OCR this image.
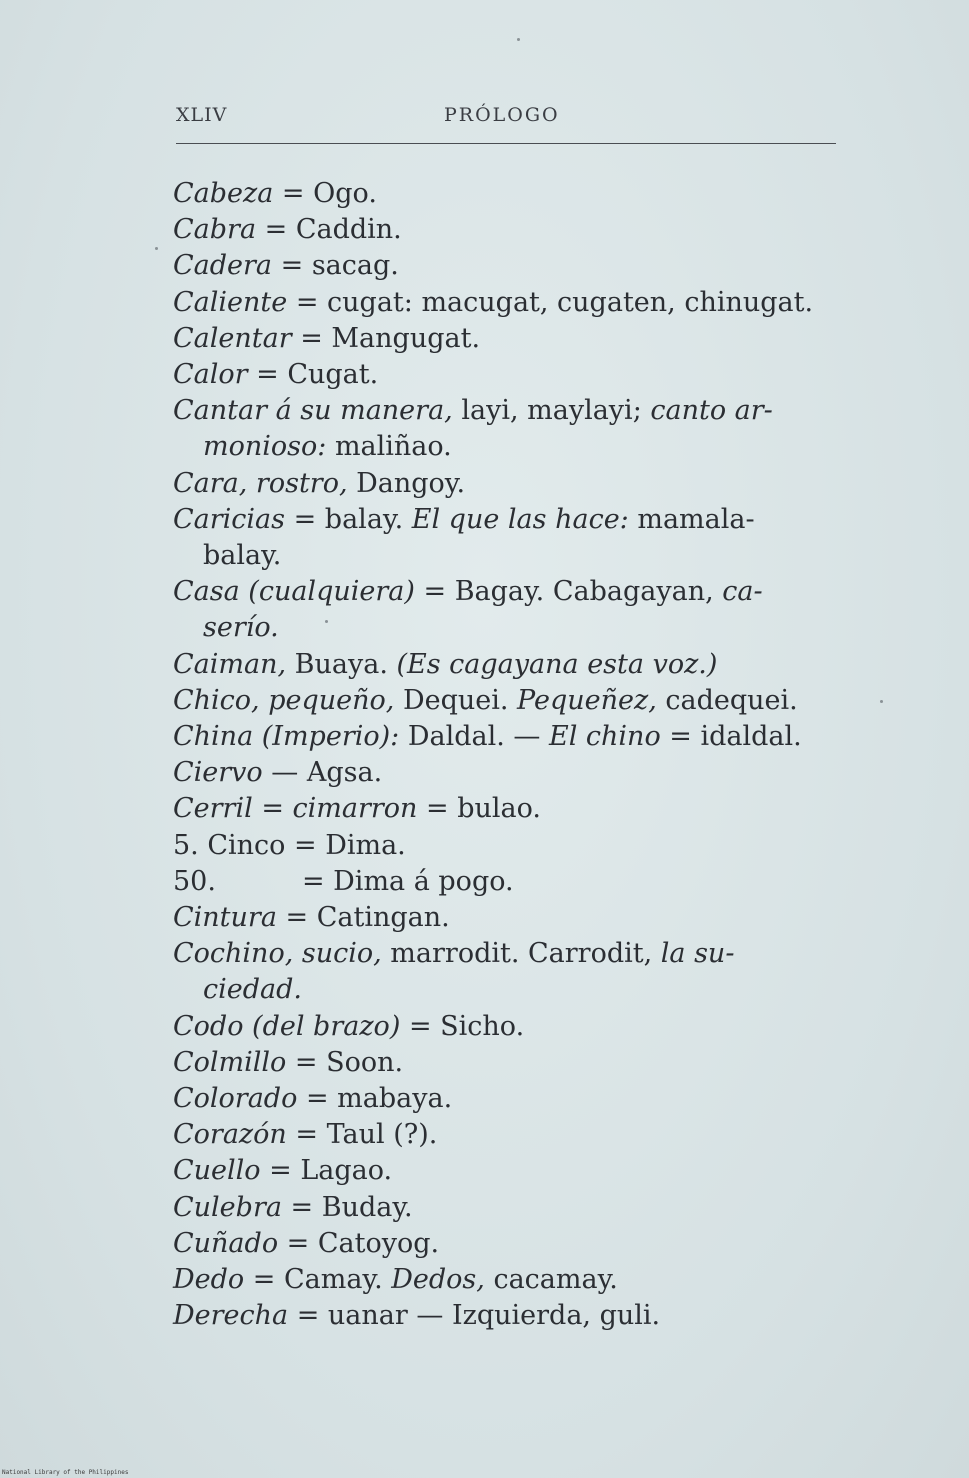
XLIV	PRÓLOGO
Cabeza = Ogo.
Cabra = Caddin.
Cadera = sacag.
Caliente = cugat: macugat, cugaten, chinugat.
Calentar = Mangugat.
Calor = Cugat.
Cantar á su manera, layi, maylayi; canto ar-
monioso: maliñao.
Cara, rostro, Dangoy.
Caricias = balay. El que las hace: mamala-
balay.
Casa (cualquiera) = Bagay. Cabagayan, ca-
serío.
Caiman, Buaya. (Es cagayana esta voz.)
Chico, pequeño, Dequei. Pequeñez, cadequei.
China (Imperio): Daldal. — El chino = idaldal.
Ciervo — Agsa.
Cerril = cimarron = bulao.
5. Cinco = Dima.
50.	= Dima á pogo.
Cintura = Catingan.
Cochino, sucio, marrodit. Carrodit, la su-
ciedad.
Codo (del brazo) = Sicho.
Colmillo = Soon.
Colorado = mabaya.
Corazón = Taul (?).
Cuello = Lagao.
Culebra = Buday.
Cuñado = Catoyog.
Dedo = Camay. Dedos, cacamay.
Derecha = uanar — Izquierda, guli.
National Library of the Philippines
